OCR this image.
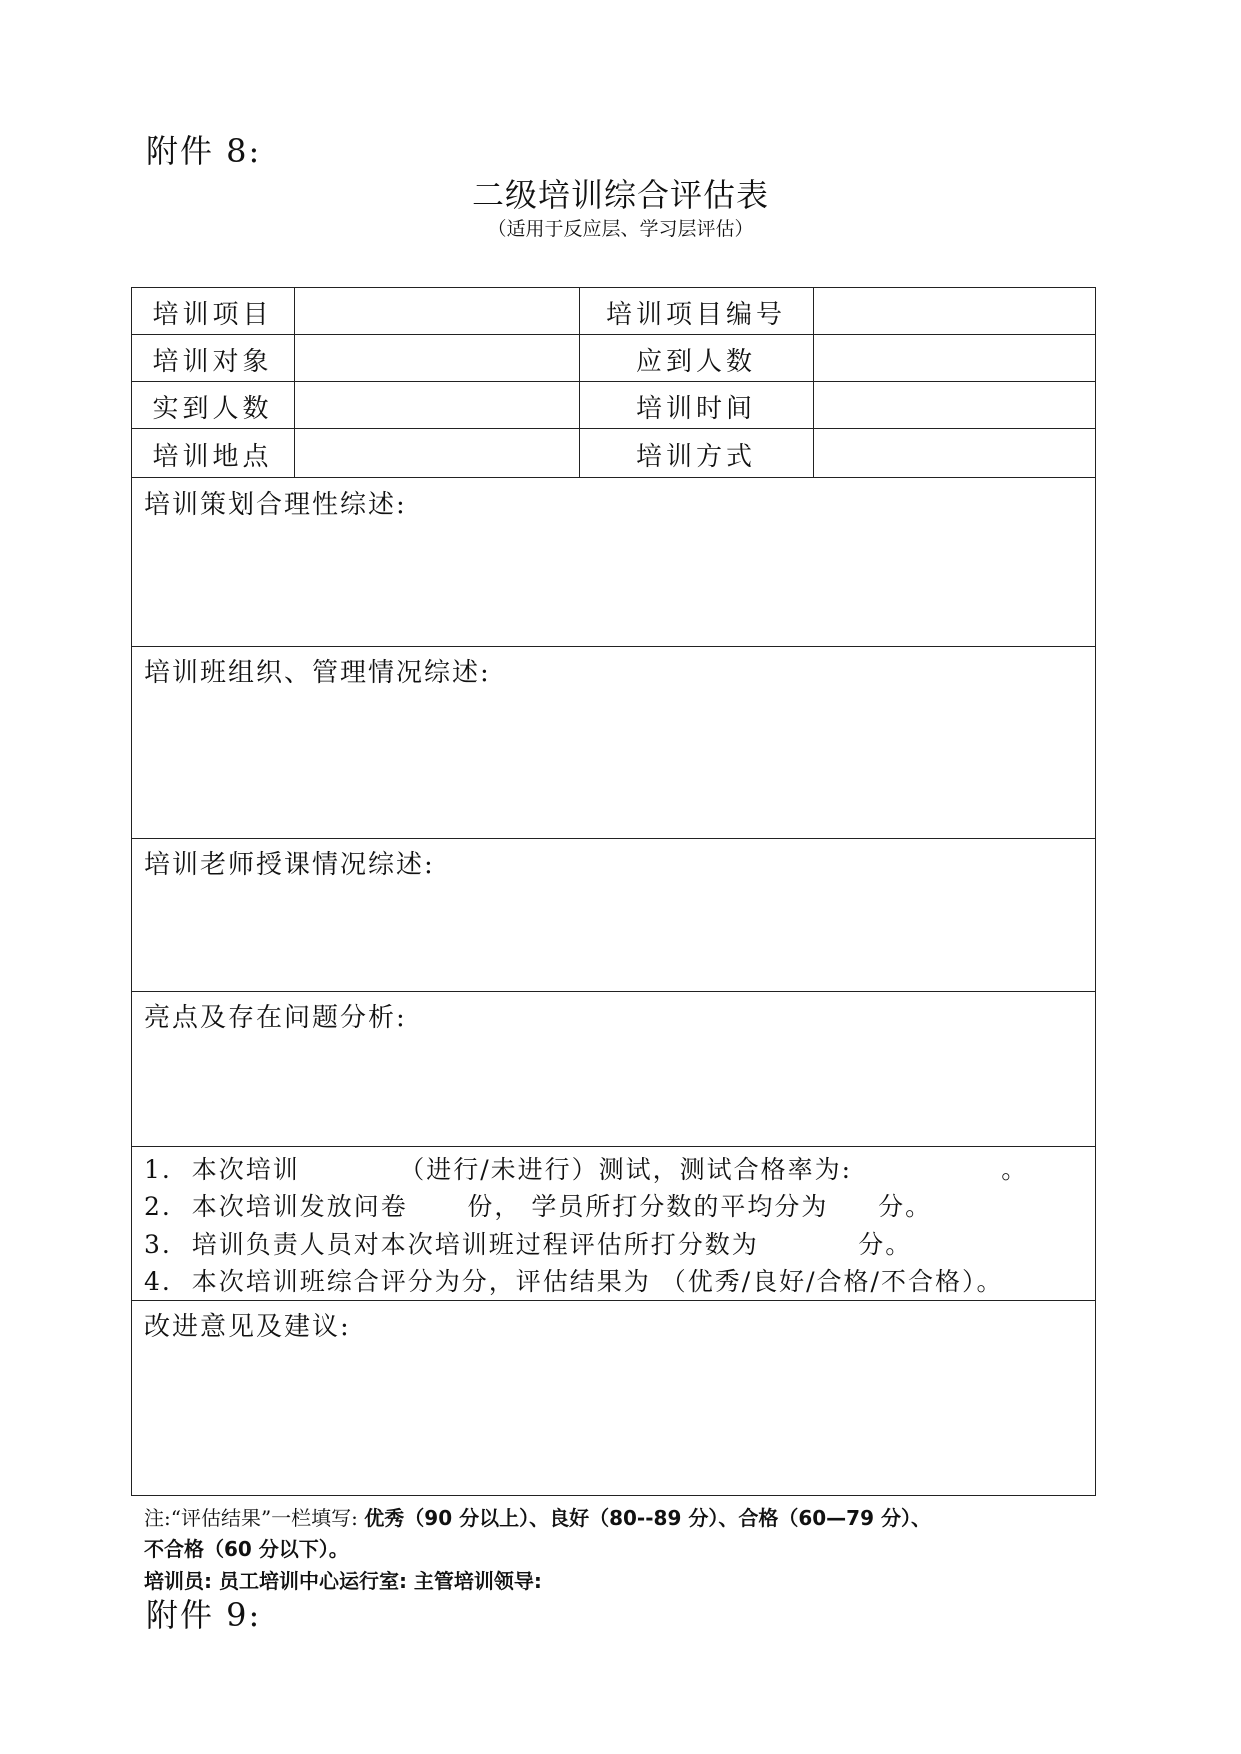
附件 8:
二级培训综合评估表
（适用于反应层、学习层评估）
培训项目	培训项目编号
培训对象	应到人数
实到人数	培训时间
培训地点	培训方式
培训策划合理性综述:
培训班组织、管理情况综述:
培训老师授课情况综述:
亮点及存在问题分析:
1.  本次培训          （进行/未进行）测试，测试合格率为:               。
2.  本次培训发放问卷      份， 学员所打分数的平均分为     分。
3.  培训负责人员对本次培训班过程评估所打分数为          分。
4.  本次培训班综合评分为分，评估结果为 （优秀/良好/合格/不合格）。
改进意见及建议:
注:“评估结果”一栏填写: 优秀（90 分以上）、良好（80--89 分）、合格（60—79 分）、
不合格（60 分以下）。
培训员: 员工培训中心运行室: 主管培训领导:
附件 9:
